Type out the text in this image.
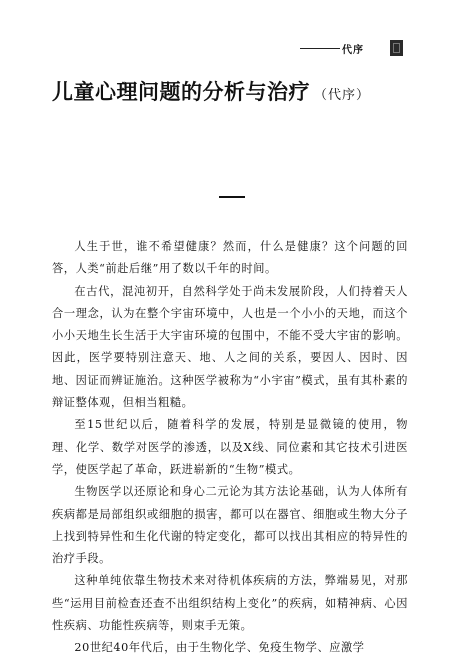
代序
儿童心理问题的分析与治疗 （代序）

人生于世，谁不希望健康？然而，什么是健康？这个问题的回答，人类“前赴后继”用了数以千年的时间。

在古代，混沌初开，自然科学处于尚未发展阶段，人们持着天人合一理念，认为在整个宇宙环境中，人也是一个小小的天地，而这个小小天地生长生活于大宇宙环境的包围中，不能不受大宇宙的影响。因此，医学要特别注意天、地、人之间的关系，要因人、因时、因地、因证而辨证施治。这种医学被称为“小宇宙”模式，虽有其朴素的辩证整体观，但相当粗糙。

至15世纪以后，随着科学的发展，特别是显微镜的使用，物理、化学、数学对医学的渗透，以及X线、同位素和其它技术引进医学，使医学起了革命，跃进崭新的“生物”模式。

生物医学以还原论和身心二元论为其方法论基础，认为人体所有疾病都是局部组织或细胞的损害，都可以在器官、细胞或生物大分子上找到特异性和生化代谢的特定变化，都可以找出其相应的特异性的治疗手段。

这种单纯依靠生物技术来对待机体疾病的方法，弊端易见，对那些“运用目前检查还查不出组织结构上变化”的疾病，如精神病、心因性疾病、功能性疾病等，则束手无策。

20世纪40年代后，由于生物化学、免疫生物学、应激学
